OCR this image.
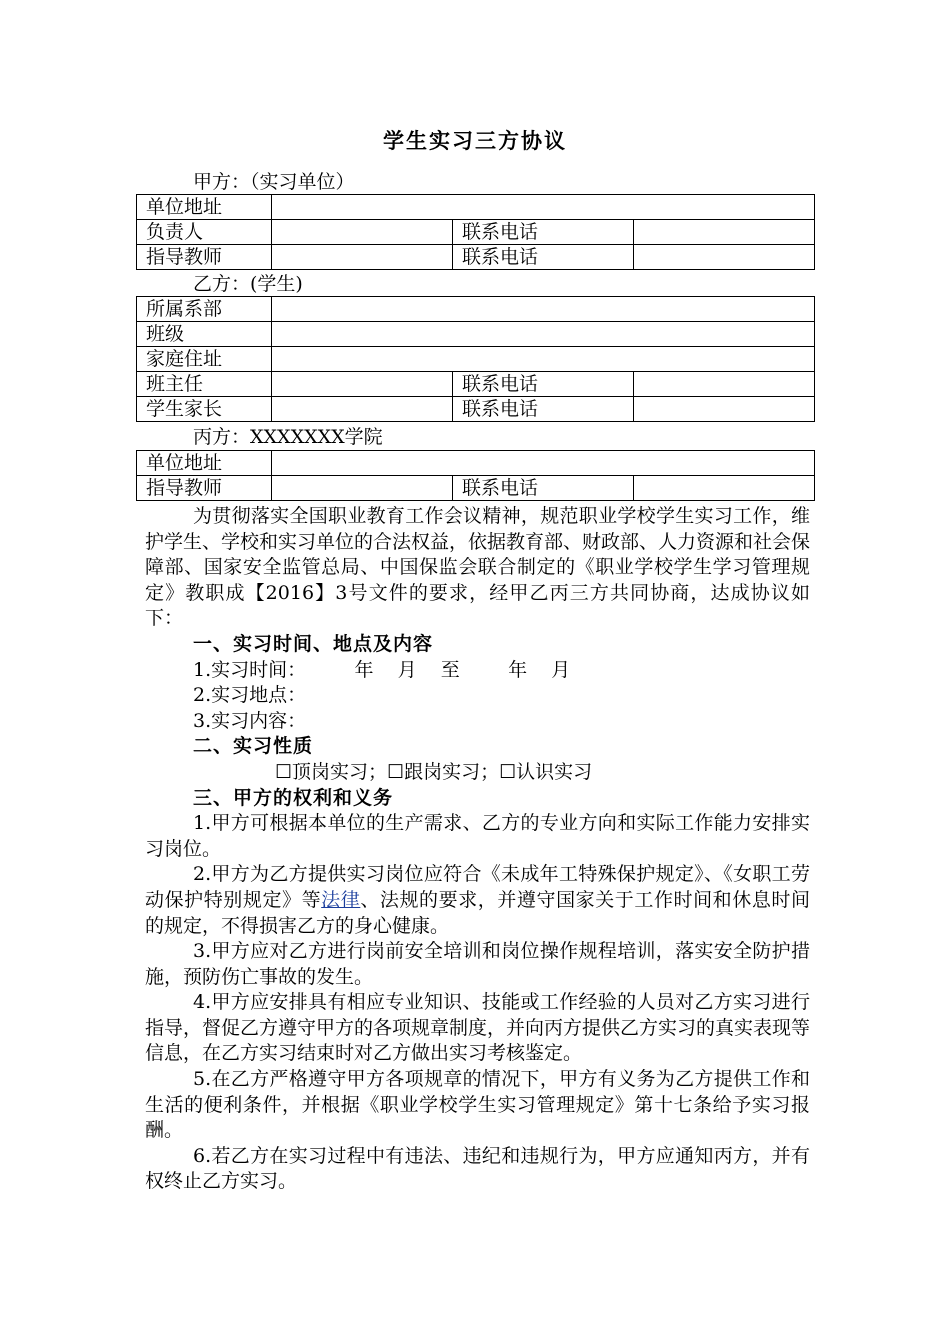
学生实习三方协议
甲方：（实习单位）
单位地址			
负责人		联系电话	
指导教师		联系电话	
乙方：(学生)
所属系部			
班级			
家庭住址			
班主任		联系电话	
学生家长		联系电话	
丙方：XXXXXXX学院
单位地址			
指导教师		联系电话	

为贯彻落实全国职业教育工作会议精神，规范职业学校学生实习工作，维护学生、学校和实习单位的合法权益，依据教育部、财政部、人力资源和社会保障部、国家安全监管总局、中国保监会联合制定的《职业学校学生学习管理规定》教职成【2016】3号文件的要求，经甲乙丙三方共同协商，达成协议如下：

一、实习时间、地点及内容

1.实习时间：        年    月    至        年    月

2.实习地点：

3.实习内容：

二、实习性质

☐顶岗实习；☐跟岗实习；☐认识实习

三、甲方的权利和义务

1.甲方可根据本单位的生产需求、乙方的专业方向和实际工作能力安排实习岗位。

2.甲方为乙方提供实习岗位应符合《未成年工特殊保护规定》、《女职工劳动保护特别规定》等法律、法规的要求，并遵守国家关于工作时间和休息时间的规定，不得损害乙方的身心健康。

3.甲方应对乙方进行岗前安全培训和岗位操作规程培训，落实安全防护措施，预防伤亡事故的发生。

4.甲方应安排具有相应专业知识、技能或工作经验的人员对乙方实习进行指导，督促乙方遵守甲方的各项规章制度，并向丙方提供乙方实习的真实表现等信息，在乙方实习结束时对乙方做出实习考核鉴定。

5.在乙方严格遵守甲方各项规章的情况下，甲方有义务为乙方提供工作和生活的便利条件，并根据《职业学校学生实习管理规定》第十七条给予实习报酬。

6.若乙方在实习过程中有违法、违纪和违规行为，甲方应通知丙方，并有权终止乙方实习。
